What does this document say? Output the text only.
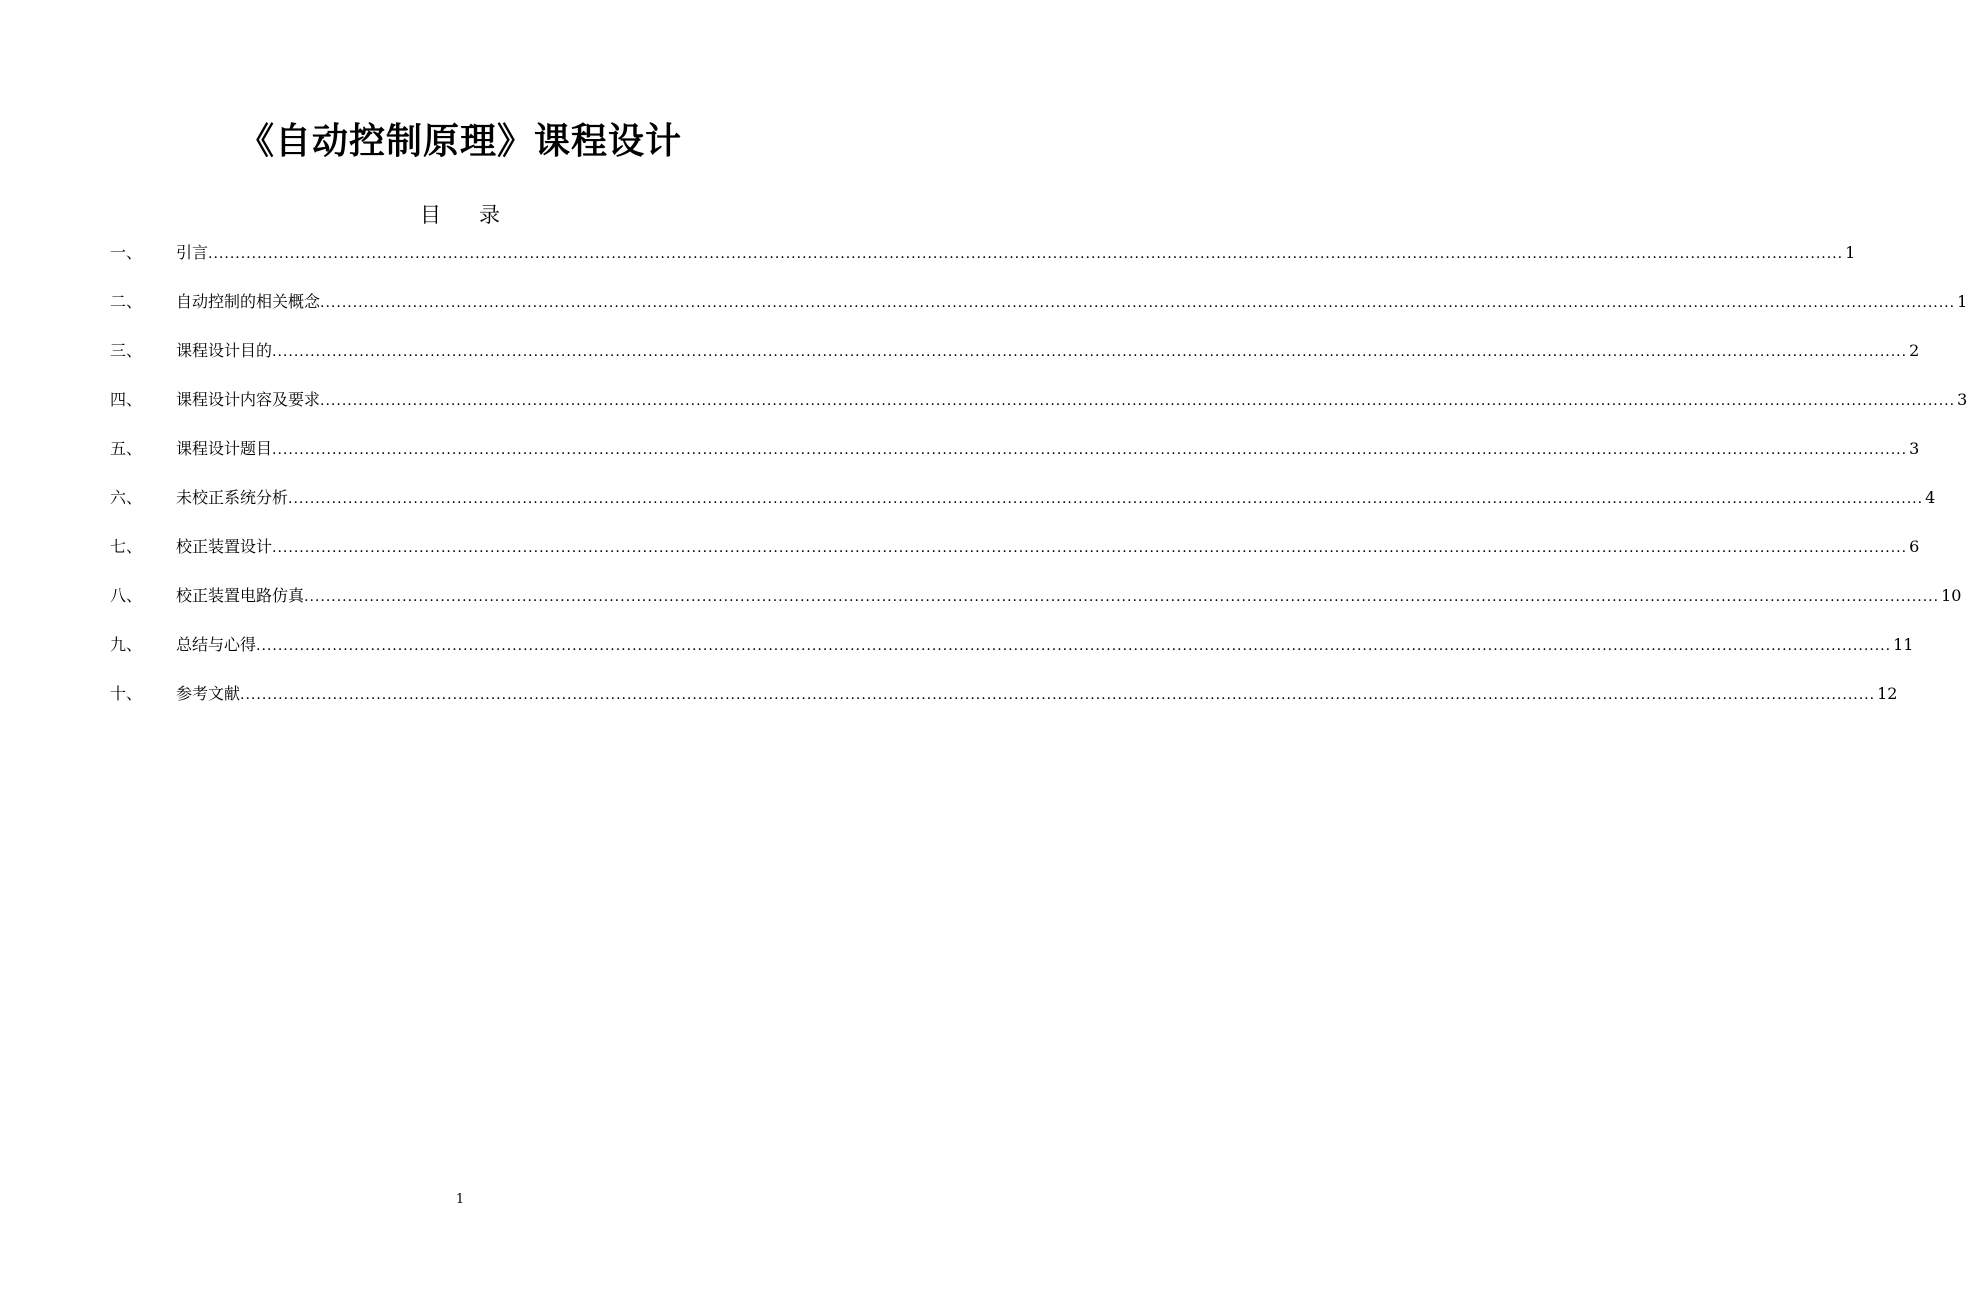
《自动控制原理》课程设计
目录
一、	引言 ............................................................................................................................................................................................................................................................................................................ 1
二、	自动控制的相关概念 ............................................................................................................................................................................................................................................................................................................ 1
三、	课程设计目的 ............................................................................................................................................................................................................................................................................................................ 2
四、	课程设计内容及要求 ............................................................................................................................................................................................................................................................................................................ 3
五、	课程设计题目 ............................................................................................................................................................................................................................................................................................................ 3
六、	未校正系统分析 ............................................................................................................................................................................................................................................................................................................ 4
七、	校正装置设计 ............................................................................................................................................................................................................................................................................................................ 6
八、	校正装置电路仿真 ............................................................................................................................................................................................................................................................................................................ 10
九、	总结与心得 ............................................................................................................................................................................................................................................................................................................ 11
十、	参考文献 ............................................................................................................................................................................................................................................................................................................ 12
1
